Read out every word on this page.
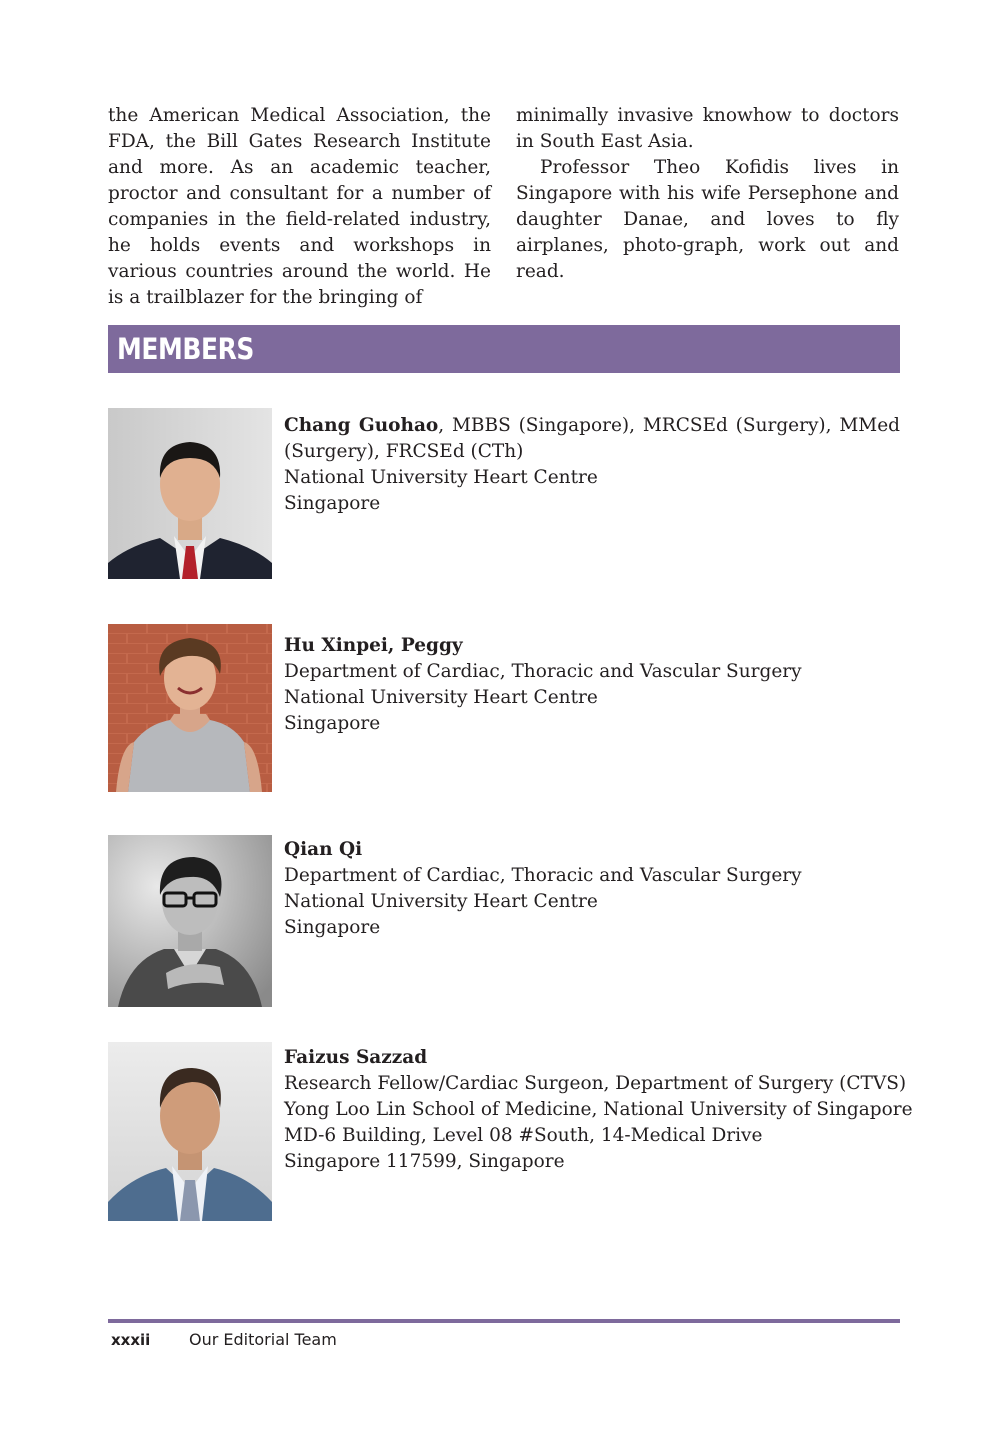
the American Medical Association, the FDA, the Bill Gates Research Institute and more. As an academic teacher, proctor and consultant for a number of companies in the field-related industry, he holds events and workshops in various countries around the world. He is a trailblazer for the bringing of

minimally invasive knowhow to doctors in South East Asia.

Professor Theo Kofidis lives in Singapore with his wife Persephone and daughter Danae, and loves to fly airplanes, photo-graph, work out and read.

MEMBERS
Chang Guohao, MBBS (Singapore), MRCSEd (Surgery), MMed (Surgery), FRCSEd (CTh)
National University Heart Centre
Singapore
Hu Xinpei, Peggy
Department of Cardiac, Thoracic and Vascular Surgery
National University Heart Centre
Singapore
Qian Qi
Department of Cardiac, Thoracic and Vascular Surgery
National University Heart Centre
Singapore
Faizus Sazzad
Research Fellow/Cardiac Surgeon, Department of Surgery (CTVS)
Yong Loo Lin School of Medicine, National University of Singapore
MD-6 Building, Level 08 #South, 14-Medical Drive
Singapore 117599, Singapore
xxxii Our Editorial Team
